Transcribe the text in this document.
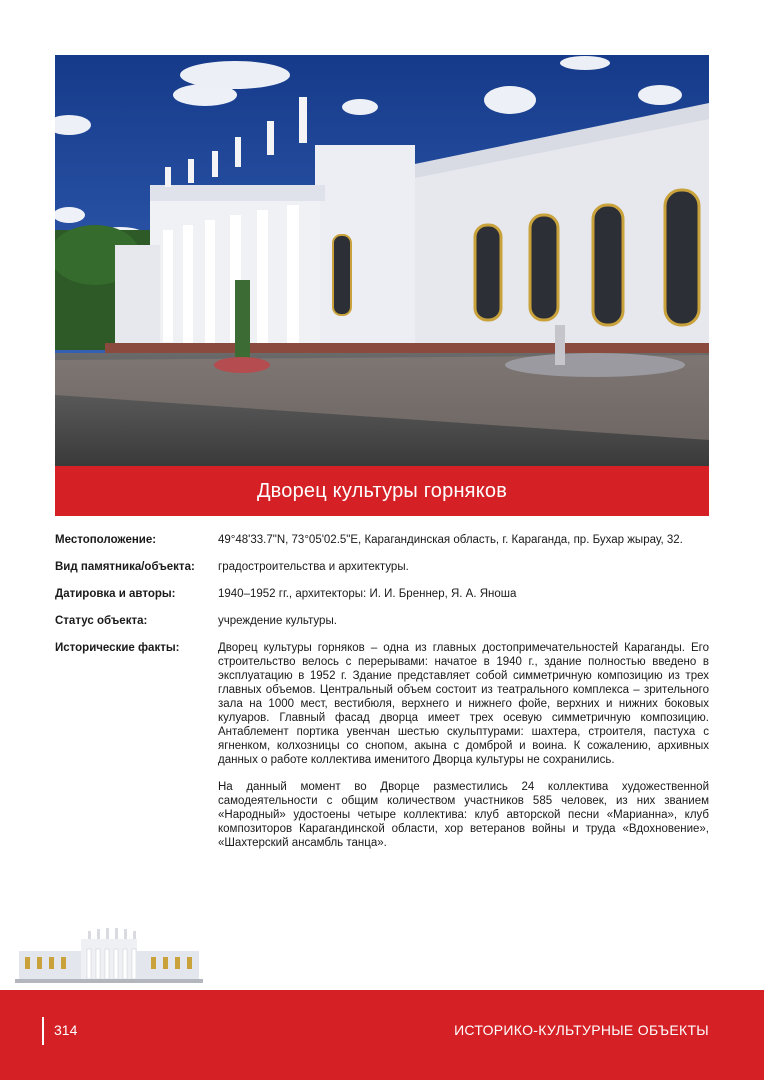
Дворец культуры горняков
Местоположение:	49°48'33.7"N, 73°05'02.5"E, Карагандинская область, г. Караганда, пр. Бухар жырау, 32.
Вид памятника/объекта:	градостроительства и архитектуры.
Датировка и авторы:	1940–1952 гг., архитекторы: И. И. Бреннер, Я. А. Яноша
Статус объекта:	учреждение культуры.
Исторические факты:	Дворец культуры горняков – одна из главных достопримечательностей Караганды. Его строительство велось с перерывами: начатое в 1940 г., здание полностью введено в эксплуатацию в 1952 г. Здание представляет собой симметричную композицию из трех главных объемов. Центральный объем состоит из театрального комплекса – зрительного зала на 1000 мест, вестибюля, верхнего и нижнего фойе, верхних и нижних боковых кулуаров. Главный фасад дворца имеет трех осевую симметричную композицию. Антаблемент портика увенчан шестью скульптурами: шахтера, строителя, пастуха с ягненком, колхозницы со снопом, акына с домброй и воина. К сожалению, архивных данных о работе коллектива именитого Дворца культуры не сохранились.

На данный момент во Дворце разместились 24 коллектива художественной самодеятельности с общим количеством участников 585 человек, из них званием «Народный» удостоены четыре коллектива: клуб авторской песни «Марианна», клуб композиторов Карагандинской области, хор ветеранов войны и труда «Вдохновение», «Шахтерский ансамбль танца».

314	ИСТОРИКО-КУЛЬТУРНЫЕ ОБЪЕКТЫ
